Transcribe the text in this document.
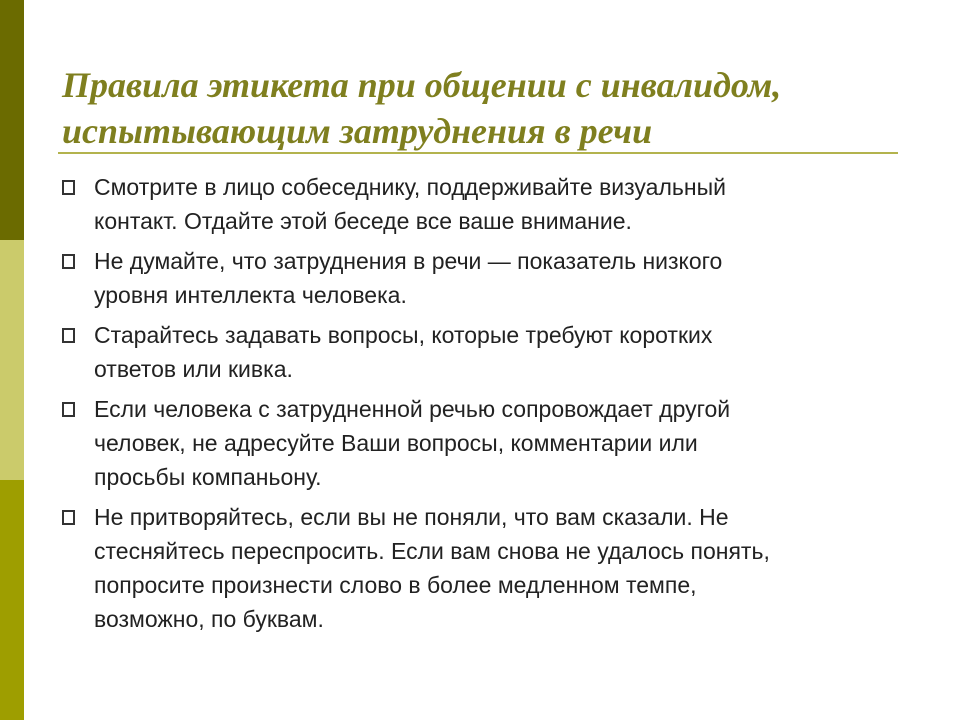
Правила этикета при общении с инвалидом,
испытывающим затруднения в речи
Смотрите в лицо собеседнику, поддерживайте визуальный
контакт. Отдайте этой беседе все ваше внимание.
Не думайте, что затруднения в речи — показатель низкого
уровня интеллекта человека.
Старайтесь задавать вопросы, которые требуют коротких
ответов или кивка.
Если человека с затрудненной речью сопровождает другой
человек, не адресуйте Ваши вопросы, комментарии или
просьбы компаньону.
Не притворяйтесь, если вы не поняли, что вам сказали. Не
стесняйтесь переспросить. Если вам снова не удалось понять,
попросите произнести слово в более медленном темпе,
возможно, по буквам.
